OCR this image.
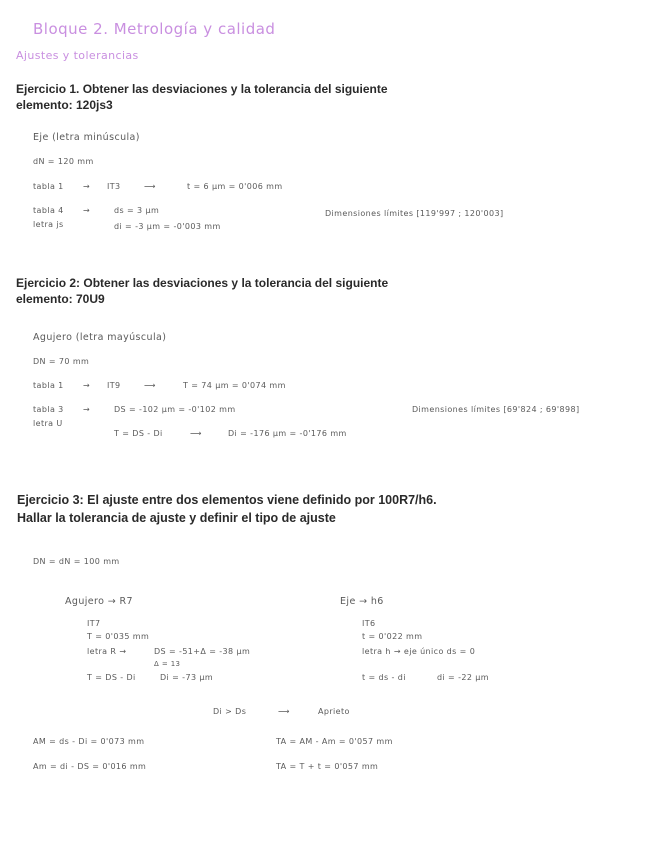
Bloque 2. Metrología y calidad
Ajustes y tolerancias
Ejercicio 1. Obtener las desviaciones y la tolerancia del siguiente
elemento: 120js3
Eje (letra minúscula)
dN = 120 mm
tabla 1 → IT3	⟶	t = 6 μm = 0'006 mm
tabla 4 →
letra js
ds = 3 μm
di = -3 μm = -0'003 mm
Dimensiones límites [119'997 ; 120'003]
Ejercicio 2: Obtener las desviaciones y la tolerancia del siguiente
elemento: 70U9
Agujero (letra mayúscula)
DN = 70 mm
tabla 1 → IT9	⟶	T = 74 μm = 0'074 mm
tabla 3 →
letra U
DS = -102 μm = -0'102 mm
T = DS - Di	⟶	Di = -176 μm = -0'176 mm
Dimensiones límites [69'824 ; 69'898]
Ejercicio 3: El ajuste entre dos elementos viene definido por 100R7/h6.
Hallar la tolerancia de ajuste y definir el tipo de ajuste
DN = dN = 100 mm
Agujero → R7	Eje → h6
IT7
T = 0'035 mm
letra R →	DS = -51+Δ = -38 μm
Δ = 13
T = DS - Di	Di = -73 μm
IT6
t = 0'022 mm
letra h → eje único ds = 0
t = ds - di	di = -22 μm
Di > Ds	⟶	Aprieto
AM = ds - Di = 0'073 mm	TA = AM - Am = 0'057 mm
Am = di - DS = 0'016 mm	TA = T + t = 0'057 mm
